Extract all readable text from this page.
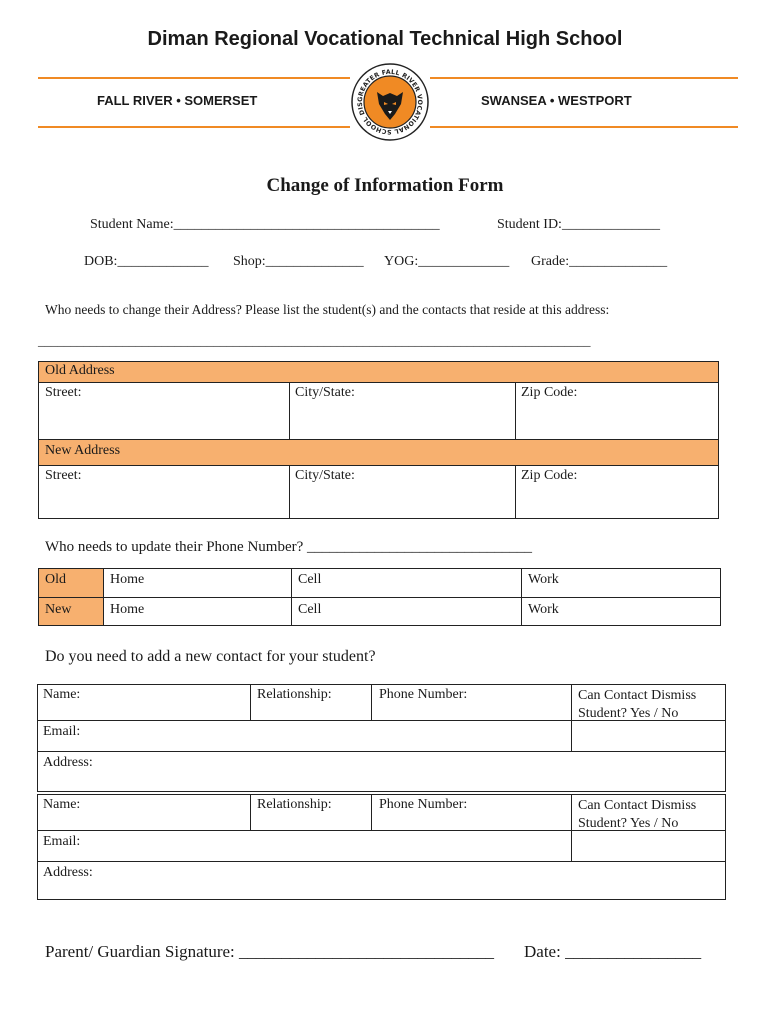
Diman Regional Vocational Technical High School
FALL RIVER • SOMERSET	SWANSEA • WESTPORT
GREATER FALL RIVER VOCATIONAL SCHOOL DIS
Change of Information Form
Student Name:______________________________________	Student ID:______________
DOB:_____________ Shop:______________ YOG:_____________ Grade:______________
Who needs to change their Address? Please list the student(s) and the contacts that reside at this address:
_____________________________________________________________________________________
Old Address
Street:	City/State:	Zip Code:
New Address
Street:	City/State:	Zip Code:
Who needs to update their Phone Number? ______________________________
Old	Home	Cell	Work
New	Home	Cell	Work
Do you need to add a new contact for your student?
Name:	Relationship:	Phone Number:	Can Contact Dismiss
Student? Yes / No
Email:
Address:
Name:	Relationship:	Phone Number:	Can Contact Dismiss
Student? Yes / No
Email:
Address:
Parent/ Guardian Signature: ______________________________ Date: ________________
